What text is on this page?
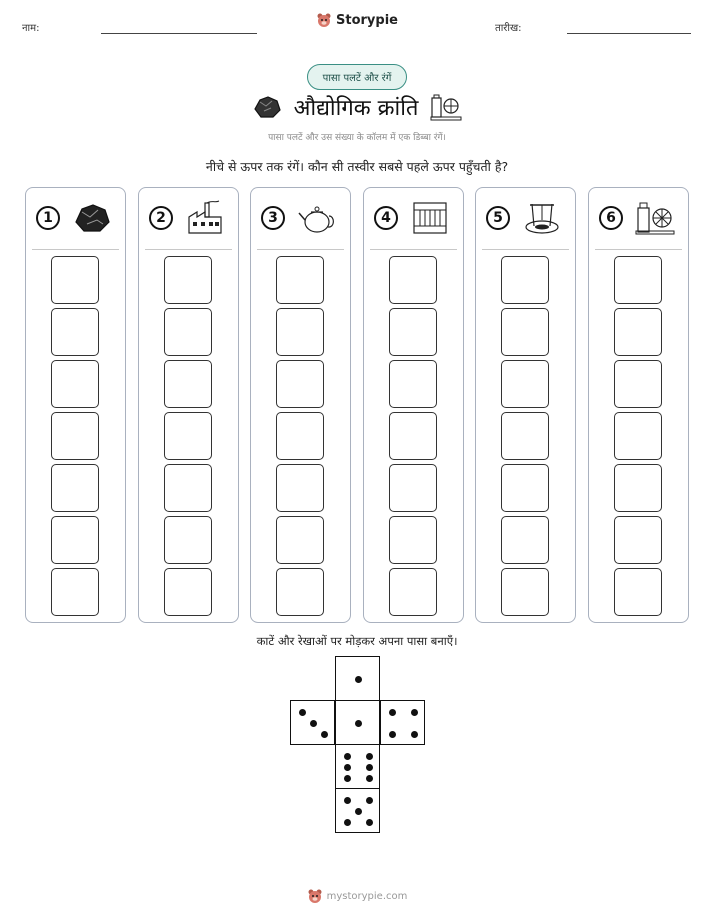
नाम:
Storypie
तारीख:
पासा पलटें और रंगें
औद्योगिक क्रांति
पासा पलटें और उस संख्या के कॉलम में एक डिब्बा रंगें।
नीचे से ऊपर तक रंगें। कौन सी तस्वीर सबसे पहले ऊपर पहुँचती है?
1	2	3	4	5	6
काटें और रेखाओं पर मोड़कर अपना पासा बनाएँ।
mystorypie.com
